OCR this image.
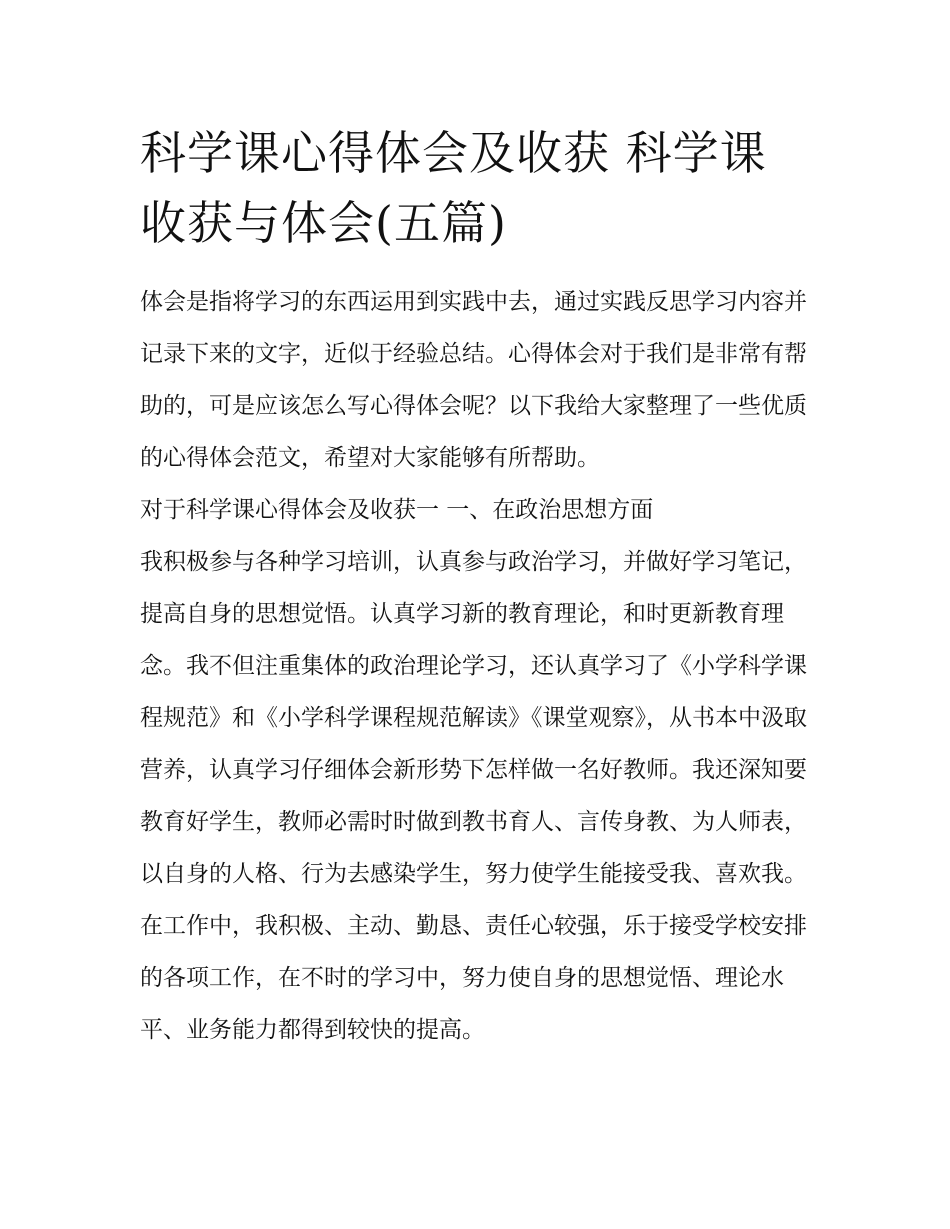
科学课心得体会及收获 科学课
收获与体会(五篇)

体会是指将学习的东西运用到实践中去，通过实践反思学习内容并记录下来的文字，近似于经验总结。心得体会对于我们是非常有帮助的，可是应该怎么写心得体会呢？以下我给大家整理了一些优质的心得体会范文，希望对大家能够有所帮助。

对于科学课心得体会及收获一 一、在政治思想方面

我积极参与各种学习培训，认真参与政治学习，并做好学习笔记，提高自身的思想觉悟。认真学习新的教育理论，和时更新教育理念。我不但注重集体的政治理论学习，还认真学习了《小学科学课程规范》和《小学科学课程规范解读》《课堂观察》，从书本中汲取营养，认真学习仔细体会新形势下怎样做一名好教师。我还深知要教育好学生，教师必需时时做到教书育人、言传身教、为人师表，以自身的人格、行为去感染学生，努力使学生能接受我、喜欢我。在工作中，我积极、主动、勤恳、责任心较强，乐于接受学校安排的各项工作，在不时的学习中，努力使自身的思想觉悟、理论水平、业务能力都得到较快的提高。
